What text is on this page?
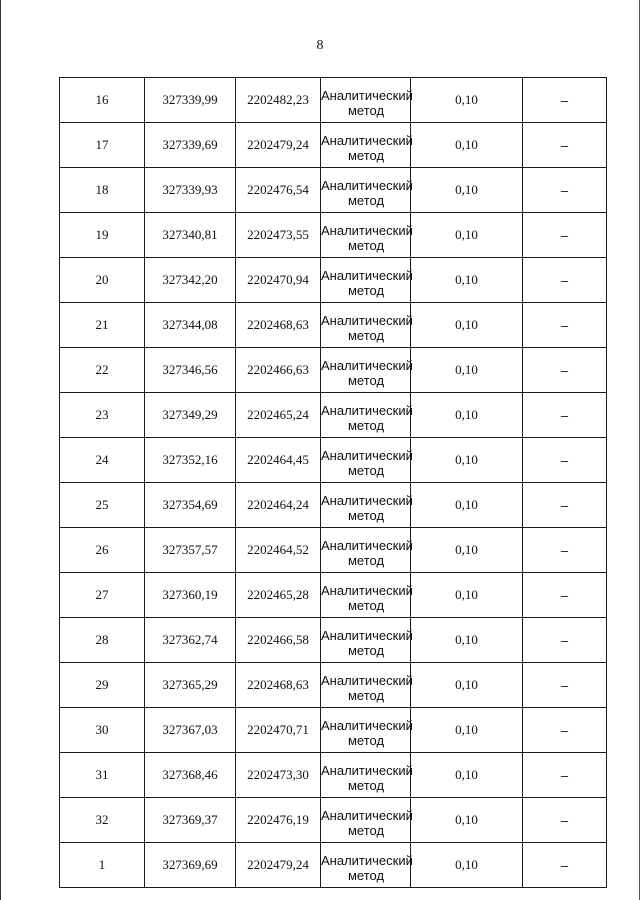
8
16	327339,99	2202482,23	Аналитический метод	0,10	–
17	327339,69	2202479,24	Аналитический метод	0,10	–
18	327339,93	2202476,54	Аналитический метод	0,10	–
19	327340,81	2202473,55	Аналитический метод	0,10	–
20	327342,20	2202470,94	Аналитический метод	0,10	–
21	327344,08	2202468,63	Аналитический метод	0,10	–
22	327346,56	2202466,63	Аналитический метод	0,10	–
23	327349,29	2202465,24	Аналитический метод	0,10	–
24	327352,16	2202464,45	Аналитический метод	0,10	–
25	327354,69	2202464,24	Аналитический метод	0,10	–
26	327357,57	2202464,52	Аналитический метод	0,10	–
27	327360,19	2202465,28	Аналитический метод	0,10	–
28	327362,74	2202466,58	Аналитический метод	0,10	–
29	327365,29	2202468,63	Аналитический метод	0,10	–
30	327367,03	2202470,71	Аналитический метод	0,10	–
31	327368,46	2202473,30	Аналитический метод	0,10	–
32	327369,37	2202476,19	Аналитический метод	0,10	–
1	327369,69	2202479,24	Аналитический метод	0,10	–
